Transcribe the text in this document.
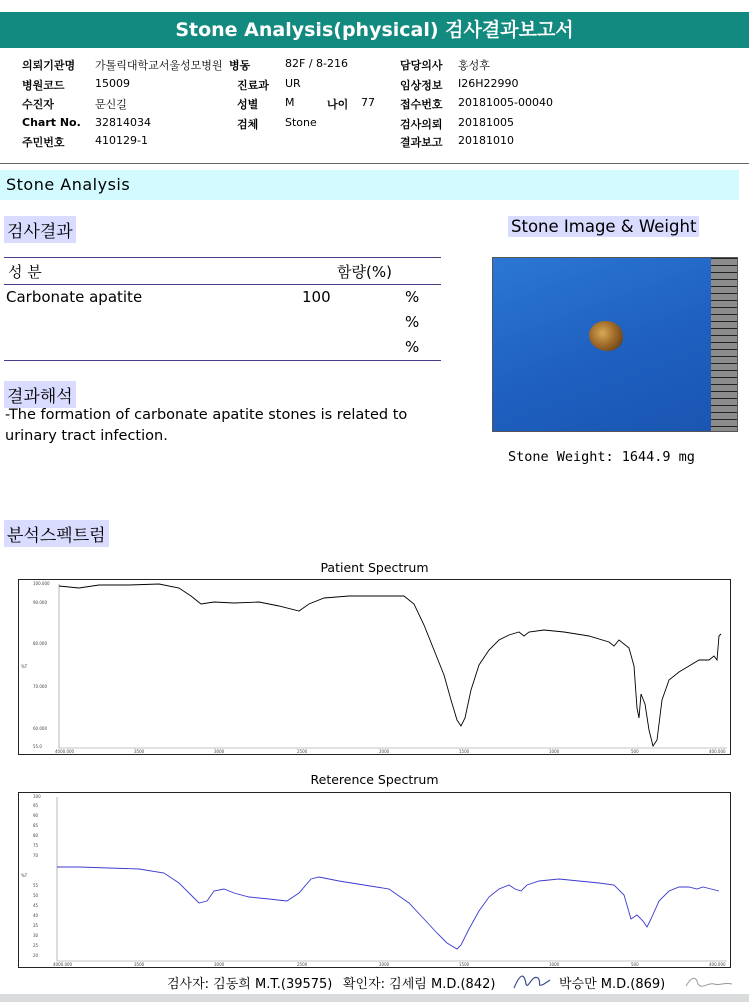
Stone Analysis(physical) 검사결과보고서
의뢰기관명 가톨릭대학교서울성모병원 병동	82F / 8-216	담당의사 홍성후
병원코드	15009	진료과 UR	임상정보 I26H22990
수진자	문신길	성별 M	나이 77 접수번호 20181005-00040
Chart No. 32814034	검체 Stone	검사의뢰 20181005
주민번호	410129-1	결과보고 20181010
Stone Analysis
검사결과	Stone Image & Weight
성 분	함량(%)
Carbonate apatite	100	%
%
%
결과해석
-The formation of carbonate apatite stones is related to urinary tract infection.
Stone Weight: 1644.9 mg
분석스펙트럼
Patient Spectrum
100.000
90.000
80.000
%T
70.000
60.000
55.0
4000.000	3500	3000	2500	2000	1500	1000	500	400.000
Reterence Spectrum
100
95
90
85
80
75
70
%T
55
50
45
40
35
30
25
20
4000.000	3500	3000	2500	2000	1500	1000	500	400.000
검사자: 김동희 M.T.(39575) 확인자: 김세림 M.D.(842)	박승만 M.D.(869)
